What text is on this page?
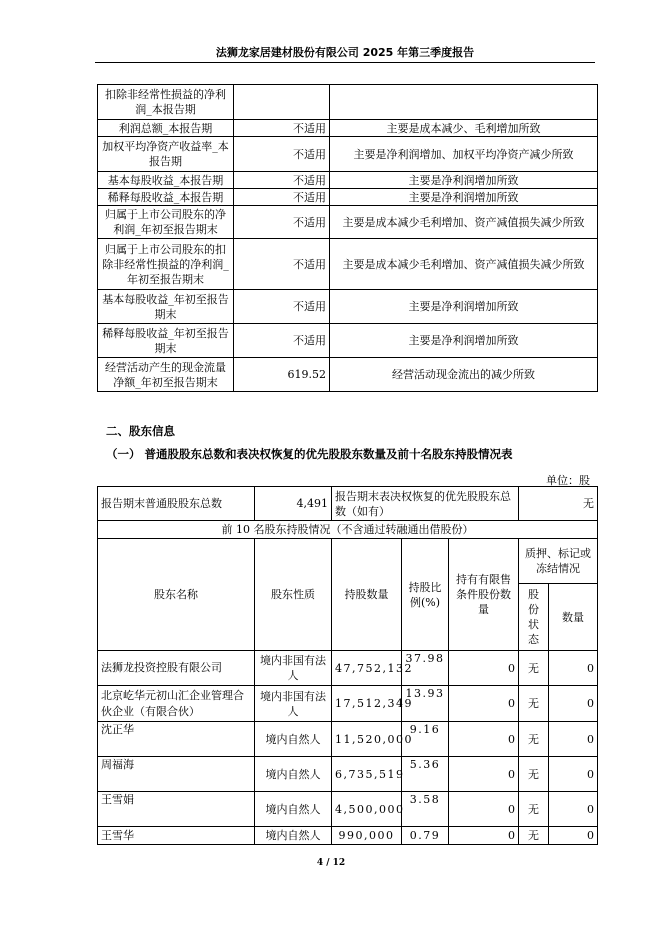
法狮龙家居建材股份有限公司 2025 年第三季度报告
扣除非经常性损益的净利润_本报告期		
利润总额_本报告期	不适用	主要是成本减少、毛利增加所致
加权平均净资产收益率_本报告期	不适用	主要是净利润增加、加权平均净资产减少所致
基本每股收益_本报告期	不适用	主要是净利润增加所致
稀释每股收益_本报告期	不适用	主要是净利润增加所致
归属于上市公司股东的净利润_年初至报告期末	不适用	主要是成本减少毛利增加、资产减值损失减少所致
归属于上市公司股东的扣除非经常性损益的净利润_年初至报告期末	不适用	主要是成本减少毛利增加、资产减值损失减少所致
基本每股收益_年初至报告期末	不适用	主要是净利润增加所致
稀释每股收益_年初至报告期末	不适用	主要是净利润增加所致
经营活动产生的现金流量净额_年初至报告期末	619.52	经营活动现金流出的减少所致
二、股东信息
（一） 普通股股东总数和表决权恢复的优先股股东数量及前十名股东持股情况表
单位：股
报告期末普通股股东总数	4,491	报告期末表决权恢复的优先股股东总数（如有）			无	
前 10 名股东持股情况（不含通过转融通出借股份）						
股东名称	股东性质	持股数量	持股比例(%)	持有有限售条件股份数量	质押、标记或冻结情况	
					股份状态	数量
法狮龙投资控股有限公司	境内非国有法人	47,752,132	37.98	0	无	0
北京屹华元初山汇企业管理合伙企业（有限合伙）	境内非国有法人	17,512,349	13.93	0	无	0
沈正华	境内自然人	11,520,000	9.16	0	无	0
周福海	境内自然人	6,735,519	5.36	0	无	0
王雪娟	境内自然人	4,500,000	3.58	0	无	0
王雪华	境内自然人	990,000	0.79	0	无	0
4 / 12
